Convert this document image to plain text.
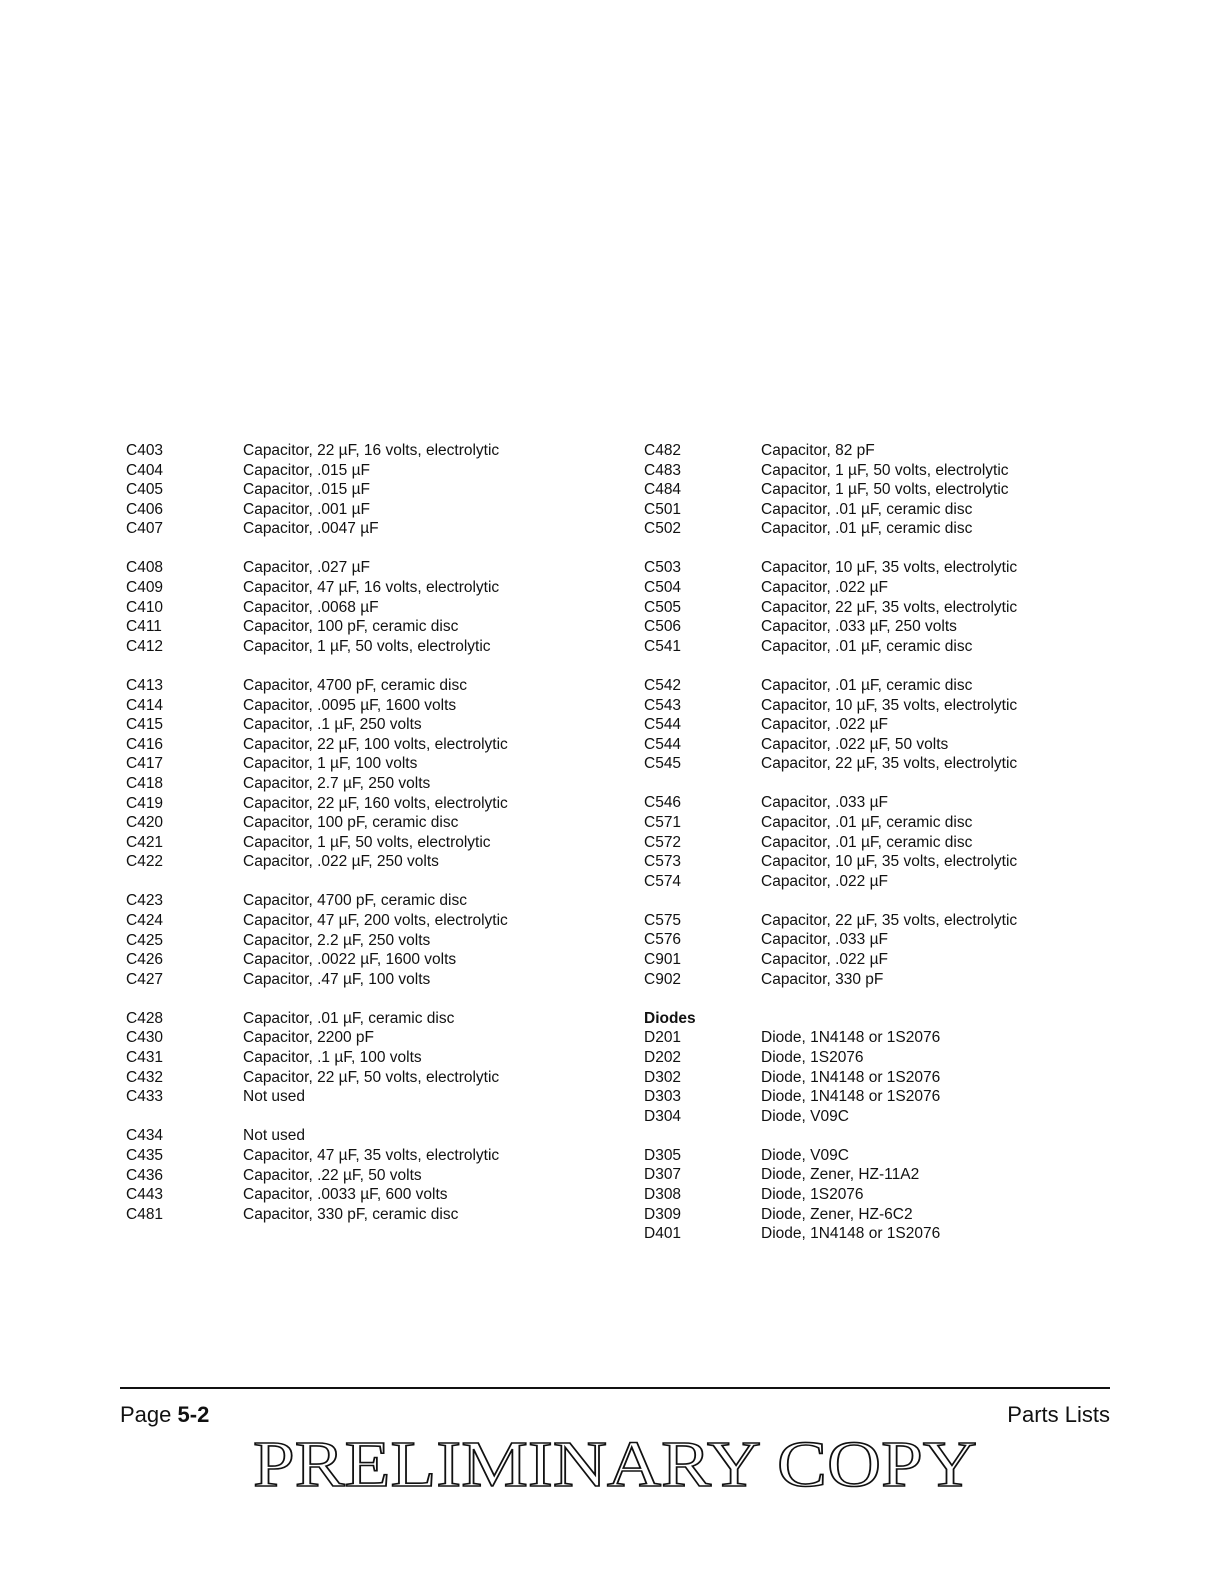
C403	Capacitor, 22 µF, 16 volts, electrolytic
C404	Capacitor, .015 µF
C405	Capacitor, .015 µF
C406	Capacitor, .001 µF
C407	Capacitor, .0047 µF
C408	Capacitor, .027 µF
C409	Capacitor, 47 µF, 16 volts, electrolytic
C410	Capacitor, .0068 µF
C411	Capacitor, 100 pF, ceramic disc
C412	Capacitor, 1 µF, 50 volts, electrolytic
C413	Capacitor, 4700 pF, ceramic disc
C414	Capacitor, .0095 µF, 1600 volts
C415	Capacitor, .1 µF, 250 volts
C416	Capacitor, 22 µF, 100 volts, electrolytic
C417	Capacitor, 1 µF, 100 volts
C418	Capacitor, 2.7 µF, 250 volts
C419	Capacitor, 22 µF, 160 volts, electrolytic
C420	Capacitor, 100 pF, ceramic disc
C421	Capacitor, 1 µF, 50 volts, electrolytic
C422	Capacitor, .022 µF, 250 volts
C423	Capacitor, 4700 pF, ceramic disc
C424	Capacitor, 47 µF, 200 volts, electrolytic
C425	Capacitor, 2.2 µF, 250 volts
C426	Capacitor, .0022 µF, 1600 volts
C427	Capacitor, .47 µF, 100 volts
C428	Capacitor, .01 µF, ceramic disc
C430	Capacitor, 2200 pF
C431	Capacitor, .1 µF, 100 volts
C432	Capacitor, 22 µF, 50 volts, electrolytic
C433	Not used
C434	Not used
C435	Capacitor, 47 µF, 35 volts, electrolytic
C436	Capacitor, .22 µF, 50 volts
C443	Capacitor, .0033 µF, 600 volts
C481	Capacitor, 330 pF, ceramic disc
C482	Capacitor, 82 pF
C483	Capacitor, 1 µF, 50 volts, electrolytic
C484	Capacitor, 1 µF, 50 volts, electrolytic
C501	Capacitor, .01 µF, ceramic disc
C502	Capacitor, .01 µF, ceramic disc
C503	Capacitor, 10 µF, 35 volts, electrolytic
C504	Capacitor, .022 µF
C505	Capacitor, 22 µF, 35 volts, electrolytic
C506	Capacitor, .033 µF, 250 volts
C541	Capacitor, .01 µF, ceramic disc
C542	Capacitor, .01 µF, ceramic disc
C543	Capacitor, 10 µF, 35 volts, electrolytic
C544	Capacitor, .022 µF
C544	Capacitor, .022 µF, 50 volts
C545	Capacitor, 22 µF, 35 volts, electrolytic
C546	Capacitor, .033 µF
C571	Capacitor, .01 µF, ceramic disc
C572	Capacitor, .01 µF, ceramic disc
C573	Capacitor, 10 µF, 35 volts, electrolytic
C574	Capacitor, .022 µF
C575	Capacitor, 22 µF, 35 volts, electrolytic
C576	Capacitor, .033 µF
C901	Capacitor, .022 µF
C902	Capacitor, 330 pF
Diodes
D201	Diode, 1N4148 or 1S2076
D202	Diode, 1S2076
D302	Diode, 1N4148 or 1S2076
D303	Diode, 1N4148 or 1S2076
D304	Diode, V09C
D305	Diode, V09C
D307	Diode, Zener, HZ-11A2
D308	Diode, 1S2076
D309	Diode, Zener, HZ-6C2
D401	Diode, 1N4148 or 1S2076
Page 5-2	Parts Lists
PRELIMINARY COPY
